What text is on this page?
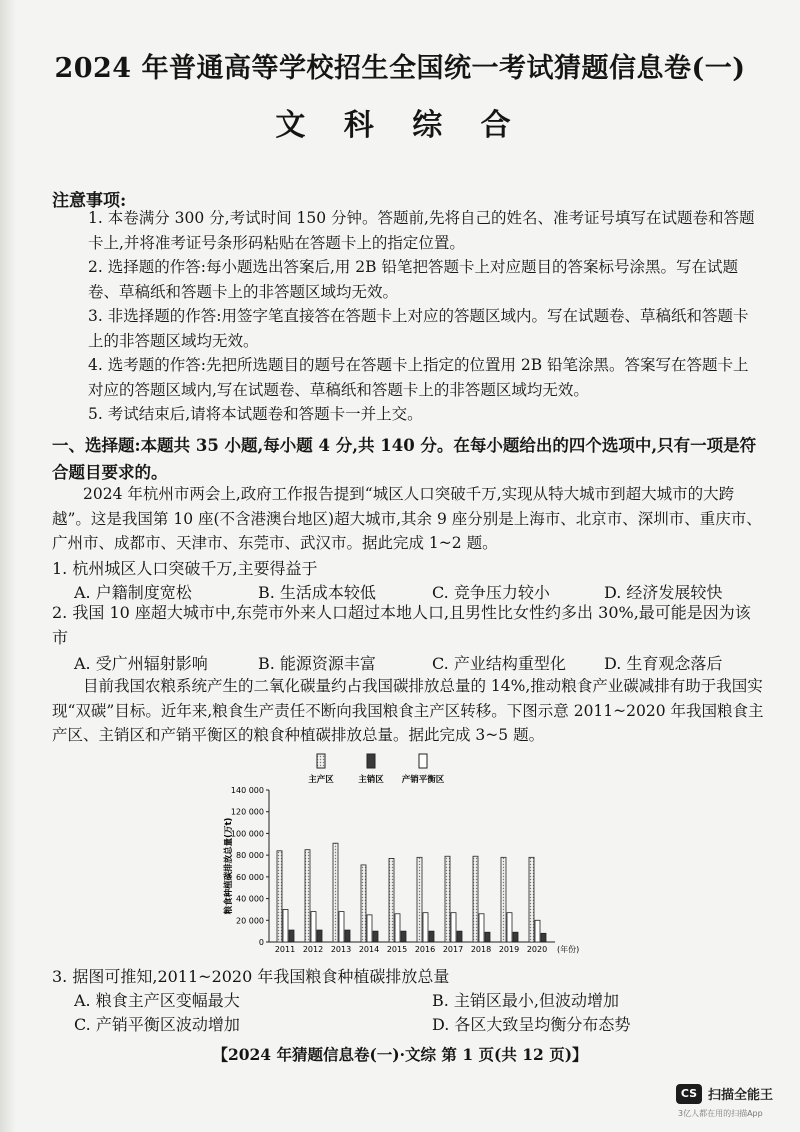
2024 年普通高等学校招生全国统一考试猜题信息卷(一)
文 科 综 合
注意事项:
1. 本卷满分 300 分,考试时间 150 分钟。答题前,先将自己的姓名、准考证号填写在试题卷和答题卡上,并将准考证号条形码粘贴在答题卡上的指定位置。
2. 选择题的作答:每小题选出答案后,用 2B 铅笔把答题卡上对应题目的答案标号涂黑。写在试题卷、草稿纸和答题卡上的非答题区域均无效。
3. 非选择题的作答:用签字笔直接答在答题卡上对应的答题区域内。写在试题卷、草稿纸和答题卡上的非答题区域均无效。
4. 选考题的作答:先把所选题目的题号在答题卡上指定的位置用 2B 铅笔涂黑。答案写在答题卡上对应的答题区域内,写在试题卷、草稿纸和答题卡上的非答题区域均无效。
5. 考试结束后,请将本试题卷和答题卡一并上交。
一、选择题:本题共 35 小题,每小题 4 分,共 140 分。在每小题给出的四个选项中,只有一项是符合题目要求的。
2024 年杭州市两会上,政府工作报告提到“城区人口突破千万,实现从特大城市到超大城市的大跨越”。这是我国第 10 座(不含港澳台地区)超大城市,其余 9 座分别是上海市、北京市、深圳市、重庆市、广州市、成都市、天津市、东莞市、武汉市。据此完成 1~2 题。
1. 杭州城区人口突破千万,主要得益于
A. 户籍制度宽松	B. 生活成本较低	C. 竞争压力较小	D. 经济发展较快
2. 我国 10 座超大城市中,东莞市外来人口超过本地人口,且男性比女性约多出 30%,最可能是因为该市
A. 受广州辐射影响	B. 能源资源丰富	C. 产业结构重型化 D. 生育观念落后
目前我国农粮系统产生的二氧化碳量约占我国碳排放总量的 14%,推动粮食产业碳减排有助于我国实现“双碳”目标。近年来,粮食生产责任不断向我国粮食主产区转移。下图示意 2011~2020 年我国粮食主产区、主销区和产销平衡区的粮食种植碳排放总量。据此完成 3~5 题。
主产区	主销区 产销平衡区
0
20 000
40 000
60 000
80 000
100 000
120 000
140 000
粮食种植碳排放总量(万t)
2011 2012 2013 2014 2015 2016 2017 2018 2019 2020 (年份)
3. 据图可推知,2011~2020 年我国粮食种植碳排放总量
A. 粮食主产区变幅最大	B. 主销区最小,但波动增加
C. 产销平衡区波动增加	D. 各区大致呈均衡分布态势
【2024 年猜题信息卷(一)·文综 第 1 页(共 12 页)】
CS 扫描全能王
3亿人都在用的扫描App
